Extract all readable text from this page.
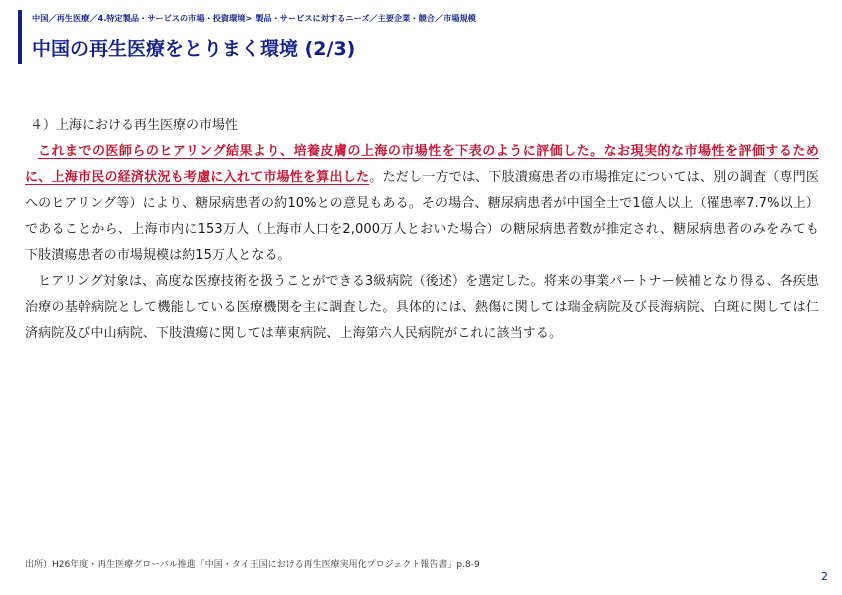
中国／再生医療／4.特定製品・サービスの市場・投資環境> 製品・サービスに対するニーズ／主要企業・競合／市場規模
中国の再生医療をとりまく環境 (2/3)
４）上海における再生医療の市場性

これまでの医師らのヒアリング結果より、培養皮膚の上海の市場性を下表のように評価した。なお現実的な市場性を評価するために、上海市民の経済状況も考慮に入れて市場性を算出した。ただし一方では、下肢潰瘍患者の市場推定については、別の調査（専門医へのヒアリング等）により、糖尿病患者の約10%との意見もある。その場合、糖尿病患者が中国全土で1億人以上（罹患率7.7%以上）であることから、上海市内に153万人（上海市人口を2,000万人とおいた場合）の糖尿病患者数が推定され、糖尿病患者のみをみても下肢潰瘍患者の市場規模は約15万人となる。

ヒアリング対象は、高度な医療技術を扱うことができる3級病院（後述）を選定した。将来の事業パートナー候補となり得る、各疾患治療の基幹病院として機能している医療機関を主に調査した。具体的には、熱傷に関しては瑞金病院及び長海病院、白斑に関しては仁済病院及び中山病院、下肢潰瘍に関しては華東病院、上海第六人民病院がこれに該当する。

出所）H26年度・再生医療グローバル推進「中国・タイ王国における再生医療実用化プロジェクト報告書」p.8-9
2
